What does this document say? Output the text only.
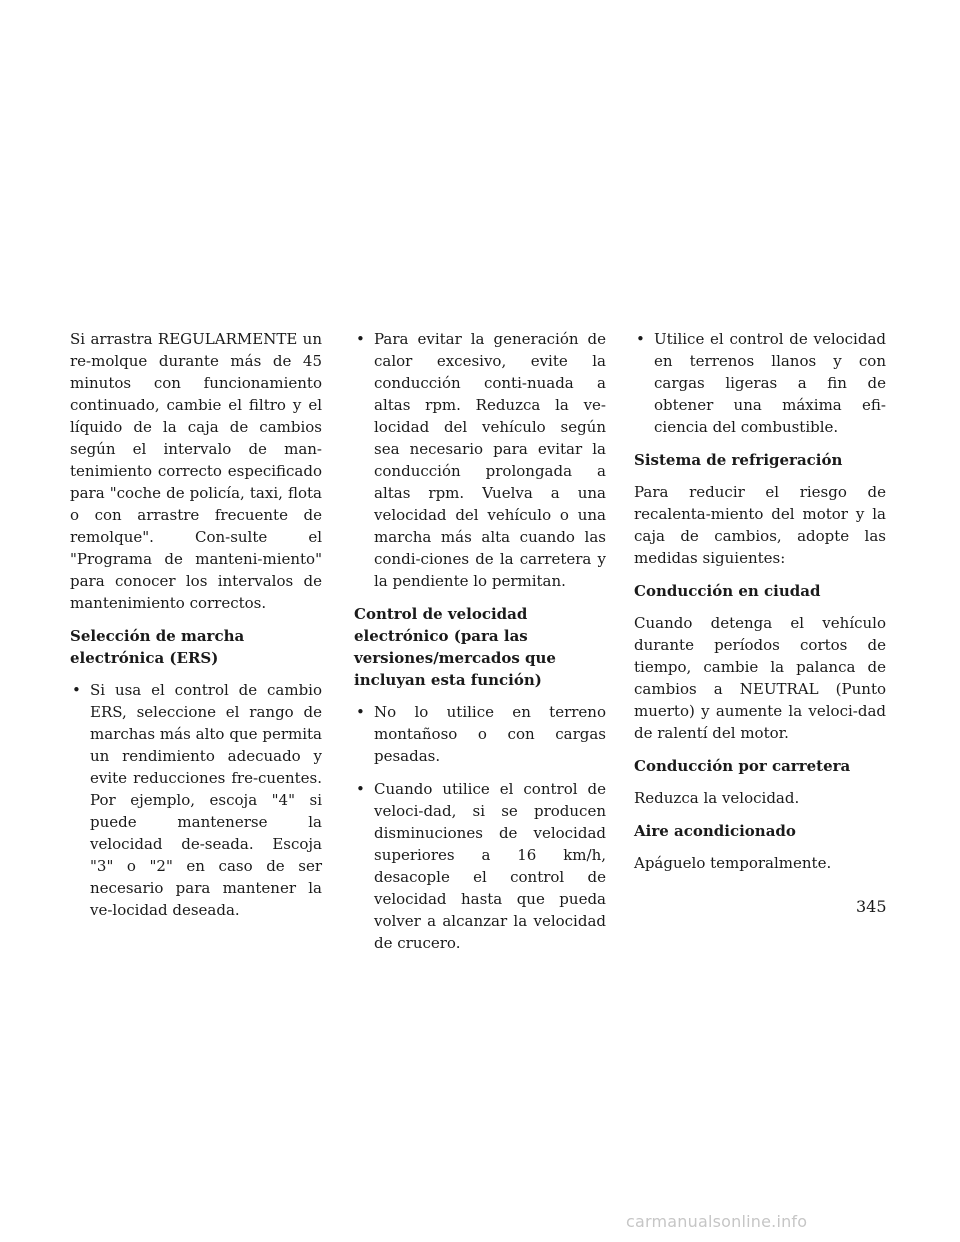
Si arrastra REGULARMENTE un re-molque durante más de 45 minutos con funcionamiento continuado, cambie el filtro y el líquido de la caja de cambios según el intervalo de man-tenimiento correcto especificado para "coche de policía, taxi, flota o con arrastre frecuente de remolque". Con-sulte el "Programa de manteni-miento" para conocer los intervalos de mantenimiento correctos.

Selección de marcha electrónica (ERS)

• Si usa el control de cambio ERS, seleccione el rango de marchas más alto que permita un rendimiento adecuado y evite reducciones fre-cuentes. Por ejemplo, escoja "4" si puede mantenerse la velocidad de-seada. Escoja "3" o "2" en caso de ser necesario para mantener la ve-locidad deseada.
• Para evitar la generación de calor excesivo, evite la conducción conti-nuada a altas rpm. Reduzca la ve-locidad del vehículo según sea necesario para evitar la conducción prolongada a altas rpm. Vuelva a una velocidad del vehículo o una marcha más alta cuando las condi-ciones de la carretera y la pendiente lo permitan.

Control de velocidad electrónico (para las versiones/mercados que incluyan esta función)

• No lo utilice en terreno montañoso o con cargas pesadas.
• Cuando utilice el control de veloci-dad, si se producen disminuciones de velocidad superiores a 16 km/h, desacople el control de velocidad hasta que pueda volver a alcanzar la velocidad de crucero.
• Utilice el control de velocidad en terrenos llanos y con cargas ligeras a fin de obtener una máxima efi-ciencia del combustible.

Sistema de refrigeración

Para reducir el riesgo de recalenta-miento del motor y la caja de cambios, adopte las medidas siguientes:

Conducción en ciudad

Cuando detenga el vehículo durante períodos cortos de tiempo, cambie la palanca de cambios a NEUTRAL (Punto muerto) y aumente la veloci-dad de ralentí del motor.

Conducción por carretera

Reduzca la velocidad.

Aire acondicionado

Apáguelo temporalmente.

345
carmanualsonline.info
